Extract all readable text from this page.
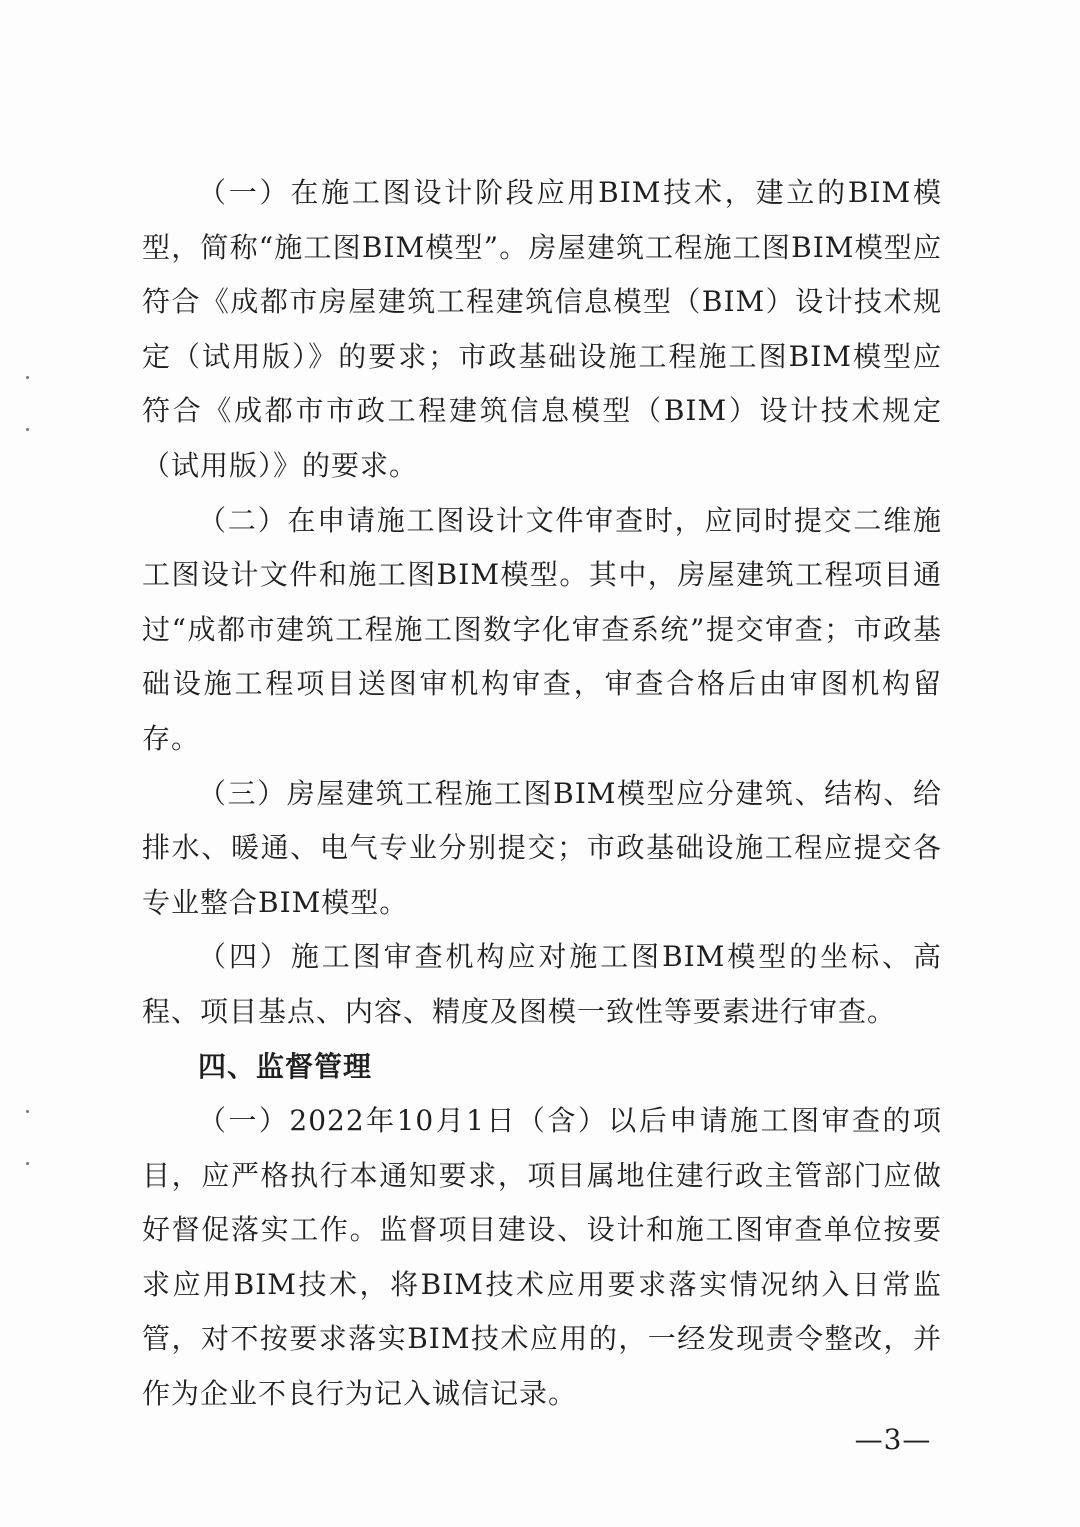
（一）在施工图设计阶段应用BIM技术，建立的BIM模型，简称“施工图BIM模型”。房屋建筑工程施工图BIM模型应符合《成都市房屋建筑工程建筑信息模型（BIM）设计技术规定（试用版）》的要求；市政基础设施工程施工图BIM模型应符合《成都市市政工程建筑信息模型（BIM）设计技术规定（试用版）》的要求。

（二）在申请施工图设计文件审查时，应同时提交二维施工图设计文件和施工图BIM模型。其中，房屋建筑工程项目通过“成都市建筑工程施工图数字化审查系统”提交审查；市政基础设施工程项目送图审机构审查，审查合格后由审图机构留存。

（三）房屋建筑工程施工图BIM模型应分建筑、结构、给排水、暖通、电气专业分别提交；市政基础设施工程应提交各专业整合BIM模型。

（四）施工图审查机构应对施工图BIM模型的坐标、高程、项目基点、内容、精度及图模一致性等要素进行审查。

四、监督管理

（一）2022年10月1日（含）以后申请施工图审查的项目，应严格执行本通知要求，项目属地住建行政主管部门应做好督促落实工作。监督项目建设、设计和施工图审查单位按要求应用BIM技术，将BIM技术应用要求落实情况纳入日常监管，对不按要求落实BIM技术应用的，一经发现责令整改，并作为企业不良行为记入诚信记录。

—3—
